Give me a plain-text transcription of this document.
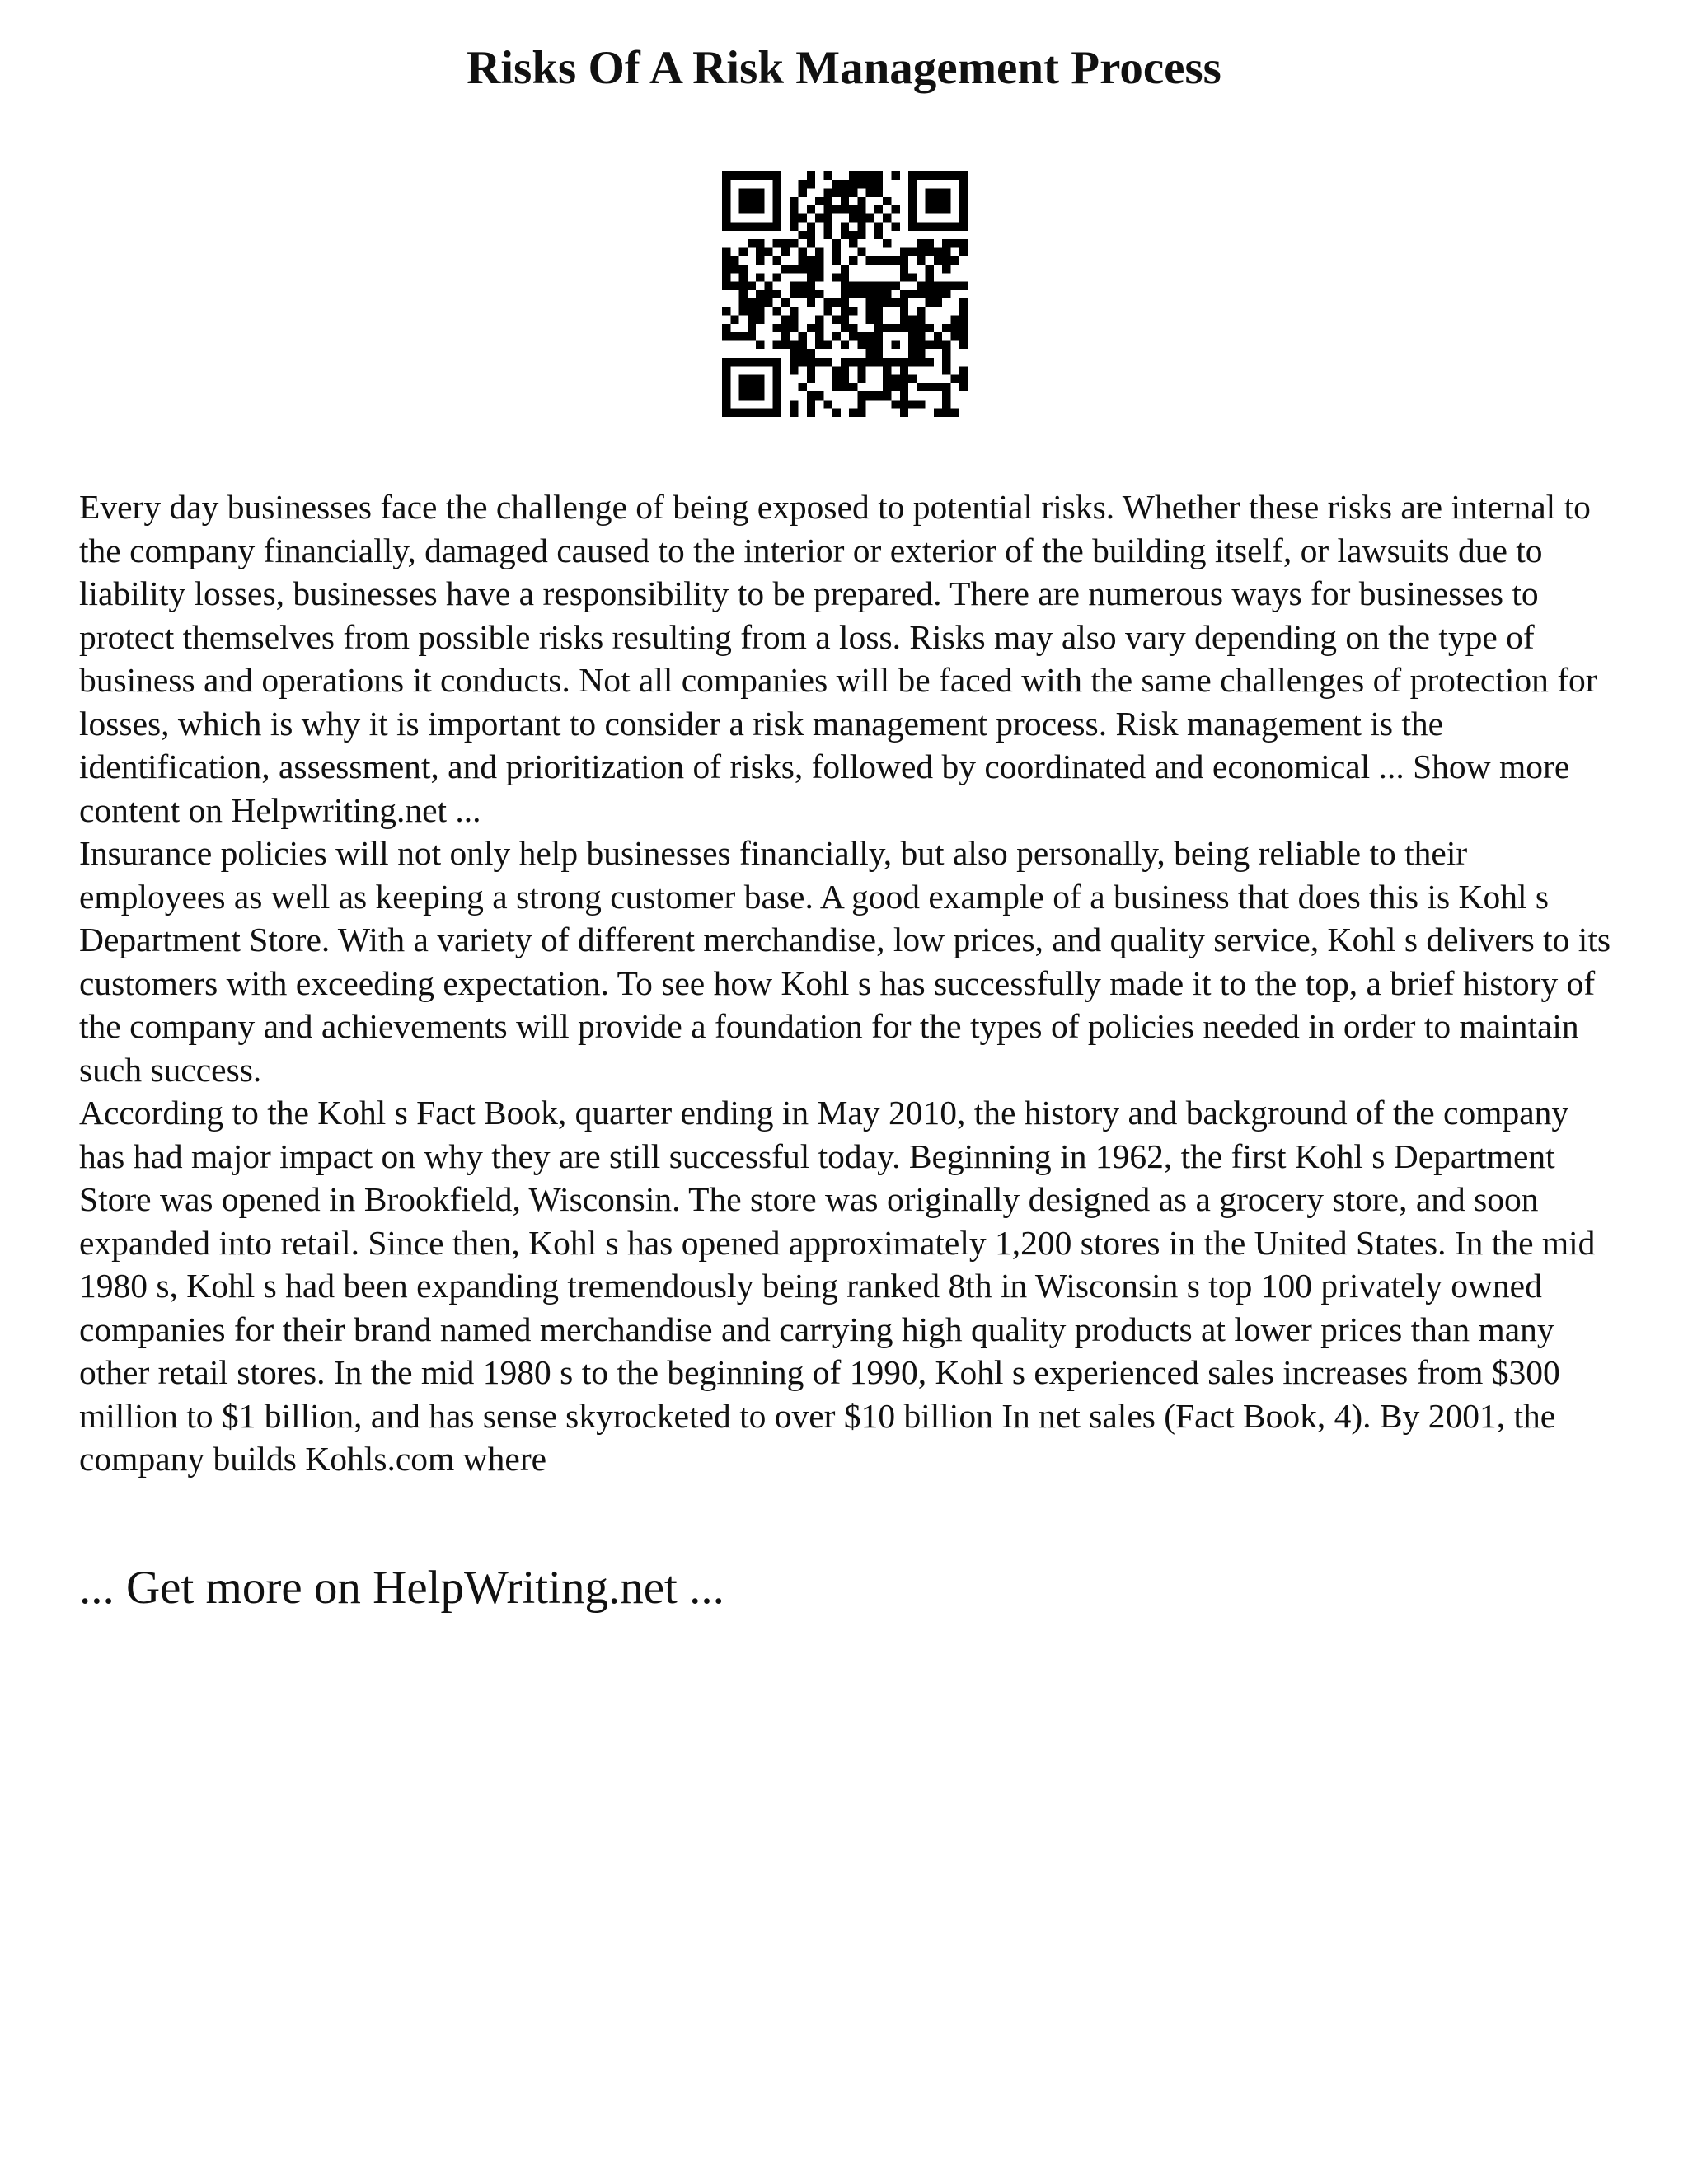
Risks Of A Risk Management Process

Every day businesses face the challenge of being exposed to potential risks. Whether these risks are internal to the company financially, damaged caused to the interior or exterior of the building itself, or lawsuits due to liability losses, businesses have a responsibility to be prepared. There are numerous ways for businesses to protect themselves from possible risks resulting from a loss. Risks may also vary depending on the type of business and operations it conducts. Not all companies will be faced with the same challenges of protection for losses, which is why it is important to consider a risk management process. Risk management is the identification, assessment, and prioritization of risks, followed by coordinated and economical ... Show more content on Helpwriting.net ...

Insurance policies will not only help businesses financially, but also personally, being reliable to their employees as well as keeping a strong customer base. A good example of a business that does this is Kohl s Department Store. With a variety of different merchandise, low prices, and quality service, Kohl s delivers to its customers with exceeding expectation. To see how Kohl s has successfully made it to the top, a brief history of the company and achievements will provide a foundation for the types of policies needed in order to maintain such success.

According to the Kohl s Fact Book, quarter ending in May 2010, the history and background of the company has had major impact on why they are still successful today. Beginning in 1962, the first Kohl s Department Store was opened in Brookfield, Wisconsin. The store was originally designed as a grocery store, and soon expanded into retail. Since then, Kohl s has opened approximately 1,200 stores in the United States. In the mid 1980 s, Kohl s had been expanding tremendously being ranked 8th in Wisconsin s top 100 privately owned companies for their brand named merchandise and carrying high quality products at lower prices than many other retail stores. In the mid 1980 s to the beginning of 1990, Kohl s experienced sales increases from $300 million to $1 billion, and has sense skyrocketed to over $10 billion In net sales (Fact Book, 4). By 2001, the company builds Kohls.com where

... Get more on HelpWriting.net ...
